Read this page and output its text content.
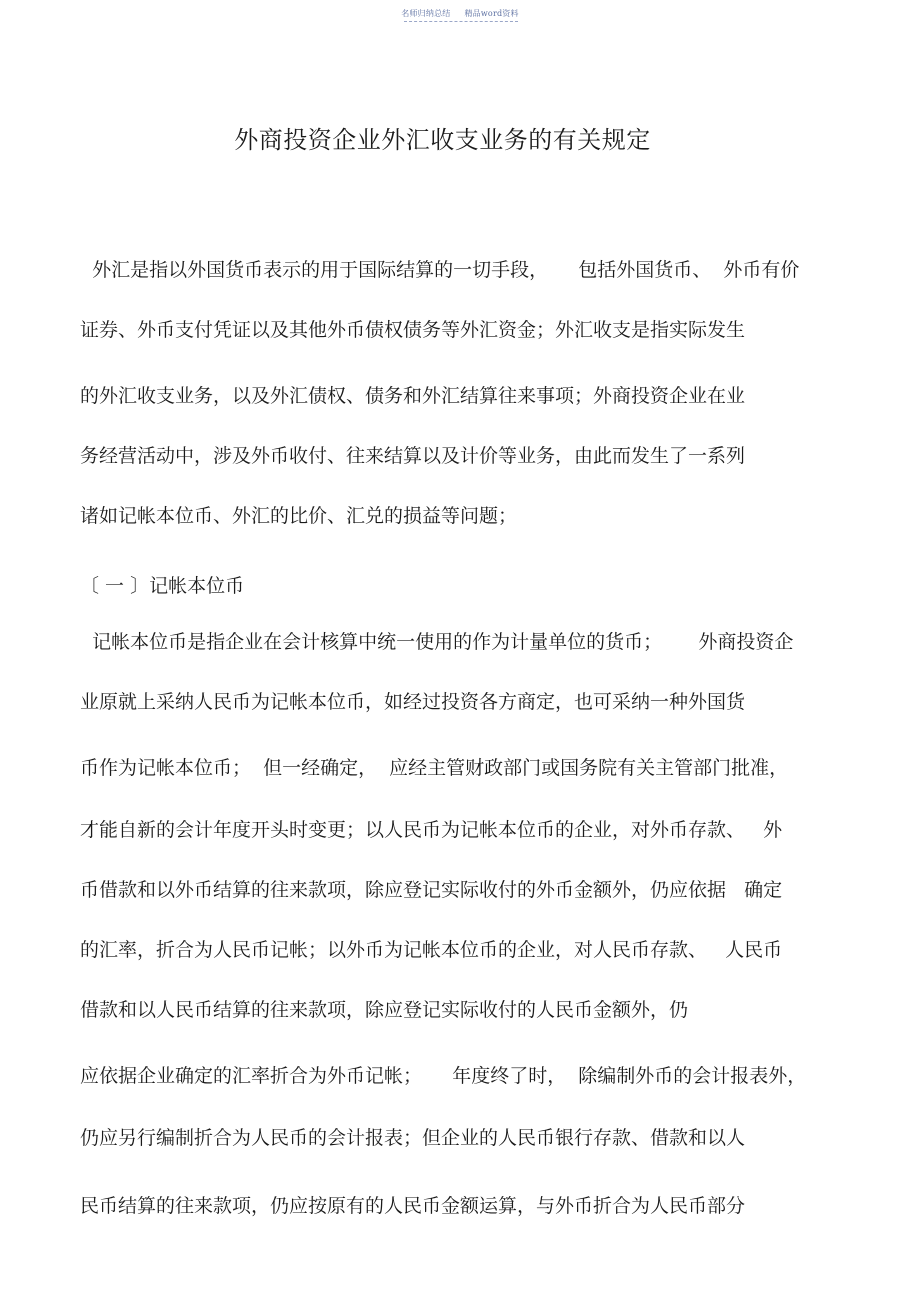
名师归纳总结 精品word资料
外商投资企业外汇收支业务的有关规定
外汇是指以外国货币表示的用于国际结算的一切手段，     包括外国货币、  外币有价
证券、外币支付凭证以及其他外币债权债务等外汇资金；外汇收支是指实际发生
的外汇收支业务，以及外汇债权、债务和外汇结算往来事项；外商投资企业在业
务经营活动中，涉及外币收付、往来结算以及计价等业务，由此而发生了一系列
诸如记帐本位币、外汇的比价、汇兑的损益等问题；
〔 一 〕记帐本位币
记帐本位币是指企业在会计核算中统一使用的作为计量单位的货币；      外商投资企
业原就上采纳人民币为记帐本位币，如经过投资各方商定，也可采纳一种外国货
币作为记帐本位币；  但一经确定，  应经主管财政部门或国务院有关主管部门批准，
才能自新的会计年度开头时变更；以人民币为记帐本位币的企业，对外币存款、   外
币借款和以外币结算的往来款项，除应登记实际收付的外币金额外，仍应依据   确定
的汇率，折合为人民币记帐；以外币为记帐本位币的企业，对人民币存款、   人民币
借款和以人民币结算的往来款项，除应登记实际收付的人民币金额外，仍
应依据企业确定的汇率折合为外币记帐；     年度终了时，  除编制外币的会计报表外，
仍应另行编制折合为人民币的会计报表；但企业的人民币银行存款、借款和以人
民币结算的往来款项，仍应按原有的人民币金额运算，与外币折合为人民币部分
